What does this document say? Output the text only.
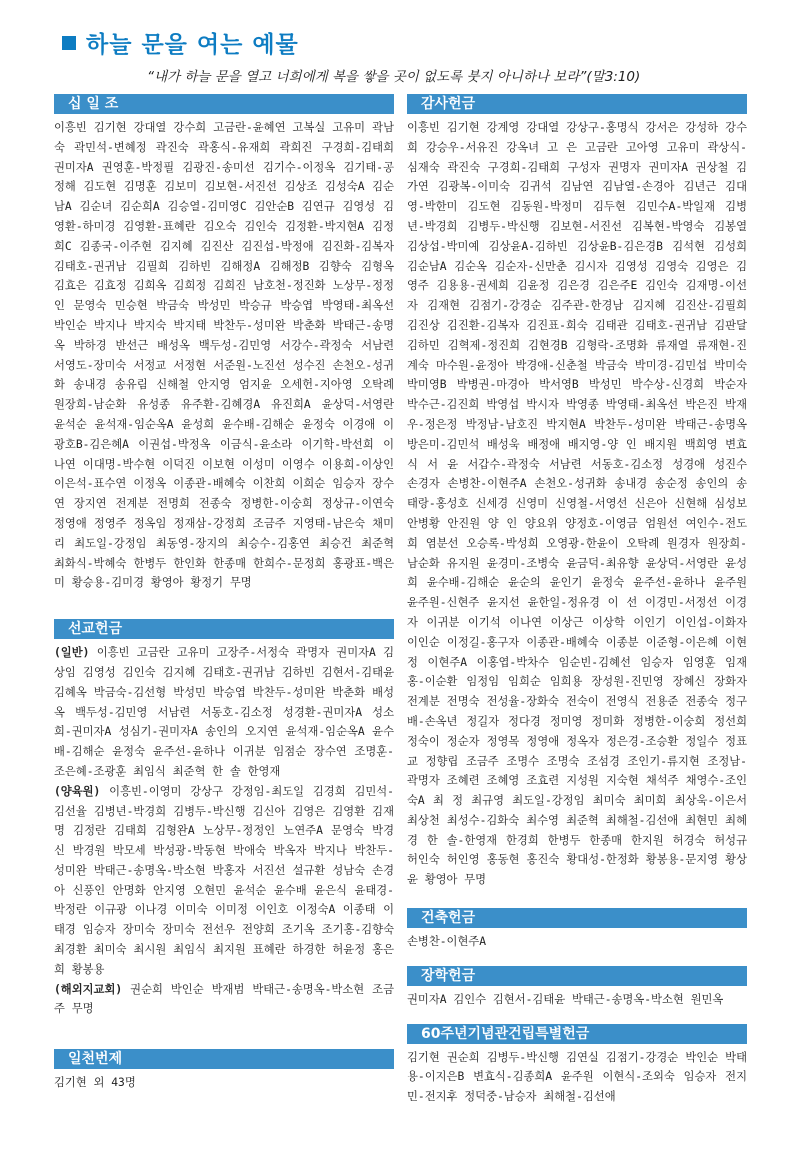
하늘 문을 여는 예물
“내가 하늘 문을 열고 너희에게 복을 쌓을 곳이 없도록 붓지 아니하나 보라”(말3:10)
십 일 조
이흥빈 김기현 강대열 강수희 고금란-윤혜연 고복실 고유미 곽남숙 곽민석-변혜정 곽진숙 곽홍식-유재희 곽희진 구경희-김태희 권미자A 권영훈-박정필 김광진-송미선 김기수-이정옥 김기태-공정해 김도현 김명훈 김보미 김보현-서진선 김상조 김성숙A 김순남A 김순녀 김순희A 김승열-김미영C 김안순B 김연규 김영성 김영환-하미경 김영환-표혜란 김오숙 김인숙 김정환-박지현A 김정희C 김종국-이주현 김지혜 김진산 김진섭-박정애 김진화-김복자 김태호-권귀남 김필희 김하빈 김해정A 김해정B 김향숙 김형옥 김효은 김효정 김희옥 김희정 김희진 남호천-정진화 노상무-정정인 문영숙 민승현 박금숙 박성민 박승규 박승엽 박영태-최옥선 박인순 박지나 박지숙 박지태 박찬두-성미완 박춘화 박태근-송명옥 박하경 반선근 배성옥 백두성-김민영 서강수-곽정숙 서남련 서영도-장미숙 서정교 서정현 서준원-노진선 성수진 손천오-성귀화 송내경 송유림 신해철 안지영 엄지윤 오세헌-지아영 오탁례 원장희-남순화 유성종 유주환-김혜경A 유진희A 윤상덕-서영란 윤석순 윤석재-임순옥A 윤성희 윤수배-김해순 윤정숙 이경애 이광호B-김은혜A 이권섭-박정옥 이금식-윤소라 이기학-박선희 이나연 이대명-박수현 이덕진 이보현 이성미 이영수 이용희-이상인 이은석-표수연 이정옥 이종관-배혜숙 이찬희 이희순 임승자 장수연 장지연 전계분 전명희 전종숙 정병한-이숭희 정상규-이연숙 정영애 정영주 정옥임 정재삼-강정희 조금주 지영태-남은숙 채미리 최도일-강정임 최동영-장지의 최승수-김홍연 최승건 최준혁 최화식-박혜숙 한병두 한인화 한종매 한희수-문정희 홍광표-백은미 황승용-김미경 황영아 황정기 무명
선교헌금
(일반) 이흥빈 고금란 고유미 고장주-서정숙 곽명자 권미자A 김상임 김영성 김인숙 김지혜 김태호-권귀남 김하빈 김현서-김태윤 김혜옥 박금숙-김선형 박성민 박승엽 박찬두-성미완 박춘화 배성옥 백두성-김민영 서남련 서동호-김소정 성경환-권미자A 성소희-권미자A 성심기-권미자A 송인의 오지연 윤석재-임순옥A 윤수배-김해순 윤정숙 윤주선-윤하나 이귀분 임점순 장수연 조명훈-조은혜-조광훈 최임식 최준혁 한 솔 한영재
(양육원) 이흥빈-이영미 강상구 강정임-최도일 김경희 김민석-김선율 김병년-박경희 김병두-박신행 김신아 김영은 김영환 김재명 김정란 김태희 김형완A 노상무-정정인 노연주A 문영숙 박경신 박경원 박모세 박성광-박동현 박애숙 박옥자 박지나 박찬두-성미완 박태근-송명옥-박소현 박홍자 서진선 설규환 성남숙 손경아 신풍인 안명화 안지영 오현민 윤석순 윤수배 윤은식 윤태경-박정란 이규광 이나경 이미숙 이미정 이인호 이정숙A 이종태 이태경 임승자 장미숙 장미숙 전선우 전양희 조기옥 조기홍-김향숙 최경환 최미숙 최시원 최임식 최지원 표혜란 하경한 허윤정 홍은희 황봉용
(해외지교회) 권순희 박인순 박재범 박태근-송명옥-박소현 조금주 무명
일천번제
김기현 외 43명
감사헌금
이흥빈 김기현 강계영 강대열 강상구-홍명식 강서은 강성하 강수희 강승우-서유진 강옥녀 고 은 고금란 고아영 고유미 곽상식-심재숙 곽진숙 구경희-김태희 구성자 권명자 권미자A 권상철 김가연 김광복-이미숙 김귀석 김남연 김남열-손경아 김년근 김대영-박한미 김도현 김동원-박정미 김두현 김민수A-박일재 김병년-박경희 김병두-박신행 김보현-서진선 김복현-박영숙 김봉열 김상섭-박미예 김상윤A-김하빈 김상윤B-김은경B 김석현 김성희 김순남A 김순옥 김순자-신만춘 김시자 김영성 김영숙 김영은 김영주 김용용-권세희 김윤정 김은경 김은주E 김인숙 김재명-이선자 김재현 김점기-강경순 김주관-한경남 김지혜 김진산-김필희 김진상 김진환-김복자 김진표-희숙 김태관 김태호-권귀남 김판달 김하민 김혁제-정진희 김현경B 김형락-조명화 류재열 류재현-진계숙 마수원-윤정아 박경애-신춘철 박금숙 박미경-김민섭 박미숙 박미영B 박병권-마경아 박서영B 박성민 박수상-신경희 박순자 박수근-김진희 박영섭 박시자 박영종 박영태-최옥선 박은진 박재우-정은정 박정남-남호진 박지현A 박찬두-성미완 박태근-송명옥 방은미-김민석 배성욱 배정애 배지영-양 인 배지원 백희영 변효식 서 윤 서갑수-곽정숙 서남련 서동호-김소정 성경애 성진수 손경자 손병찬-이현주A 손천오-성귀화 송내경 송순정 송인의 송태랑-홍성호 신세경 신영미 신영철-서영선 신은아 신현해 심성보 안병황 안진원 양 인 양요위 양정호-이영금 엄원선 여인수-전도희 염분선 오승록-박성희 오영광-한윤이 오탁례 원경자 원장희-남순화 유지원 윤경미-조병숙 윤금덕-최유향 윤상덕-서영란 윤성희 윤수배-김해순 윤순의 윤인기 윤정숙 윤주선-윤하나 윤주원 윤주원-신현주 윤지선 윤한일-정유경 이 선 이경민-서정선 이경자 이귀분 이기석 이나연 이상근 이상학 이인기 이인섭-이화자 이인순 이정길-홍구자 이종관-배혜숙 이종분 이준형-이은혜 이현정 이현주A 이홍엽-박차수 임순빈-김혜선 임승자 임영훈 임재홍-이순환 임정임 임희순 임희용 장성원-진민영 장혜신 장화자 전계분 전명숙 전성율-장화숙 전숙이 전영식 전용준 전종숙 정구배-손옥년 정길자 정다경 정미영 정미화 정병한-이숭희 정선희 정숙이 정순자 정영목 정영애 정옥자 정은경-조승환 정일수 정표교 정향립 조금주 조명수 조명숙 조섬경 조인기-류지현 조정남-곽명자 조혜련 조혜영 조효련 지성원 지숙현 채석주 채영수-조인숙A 최 정 최규영 최도일-강정임 최미숙 최미희 최상욱-이은서 최상천 최성수-김화숙 최수영 최준혁 최해철-김선애 최현민 최혜경 한 솔-한영재 한경희 한병두 한종매 한지원 허경숙 허성규 허인숙 허인영 홍동현 홍진숙 황대성-한정화 황봉용-문지영 황상윤 황영아 무명
건축헌금
손병찬-이현주A
장학헌금
권미자A 김인수 김현서-김태윤 박태근-송명옥-박소현 원민옥
60주년기념관건립특별헌금
김기현 권순희 김병두-박신행 김연실 김점기-강경순 박인순 박태용-이지은B 변효식-김종희A 윤주원 이현식-조외숙 임승자 전지민-전지후 정덕중-남승자 최해철-김선애
